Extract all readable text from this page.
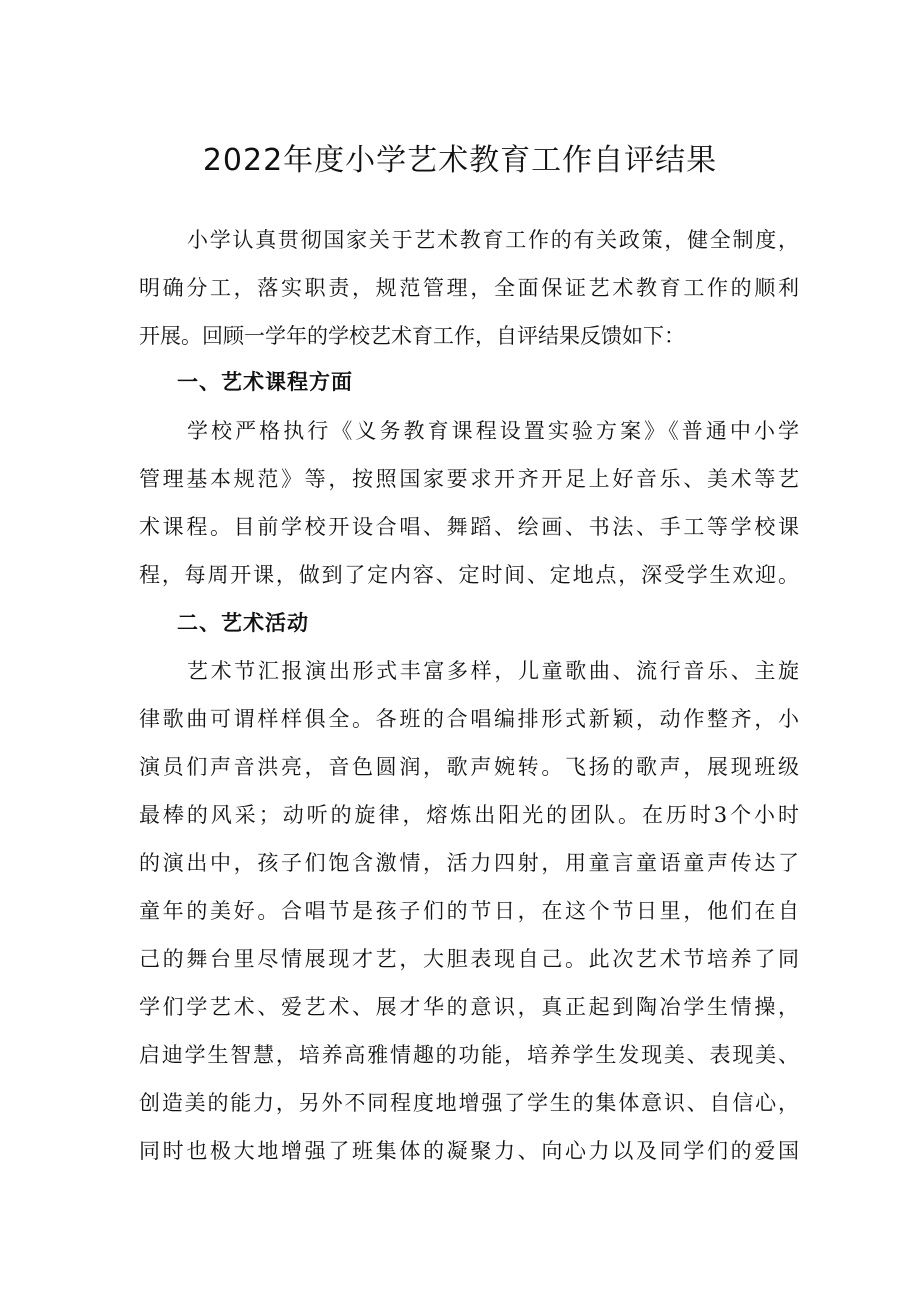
2022年度小学艺术教育工作自评结果
小学认真贯彻国家关于艺术教育工作的有关政策，健全制度，
明确分工，落实职责，规范管理，全面保证艺术教育工作的顺利
开展。回顾一学年的学校艺术育工作，自评结果反馈如下：
一、艺术课程方面
学校严格执行《义务教育课程设置实验方案》《普通中小学
管理基本规范》等，按照国家要求开齐开足上好音乐、美术等艺
术课程。目前学校开设合唱、舞蹈、绘画、书法、手工等学校课
程，每周开课，做到了定内容、定时间、定地点，深受学生欢迎。
二、艺术活动
艺术节汇报演出形式丰富多样，儿童歌曲、流行音乐、主旋
律歌曲可谓样样俱全。各班的合唱编排形式新颖，动作整齐，小
演员们声音洪亮，音色圆润，歌声婉转。飞扬的歌声，展现班级
最棒的风采；动听的旋律，熔炼出阳光的团队。在历时3个小时
的演出中，孩子们饱含激情，活力四射，用童言童语童声传达了
童年的美好。合唱节是孩子们的节日，在这个节日里，他们在自
己的舞台里尽情展现才艺，大胆表现自己。此次艺术节培养了同
学们学艺术、爱艺术、展才华的意识，真正起到陶冶学生情操，
启迪学生智慧，培养高雅情趣的功能，培养学生发现美、表现美、
创造美的能力，另外不同程度地增强了学生的集体意识、自信心，
同时也极大地增强了班集体的凝聚力、向心力以及同学们的爱国
